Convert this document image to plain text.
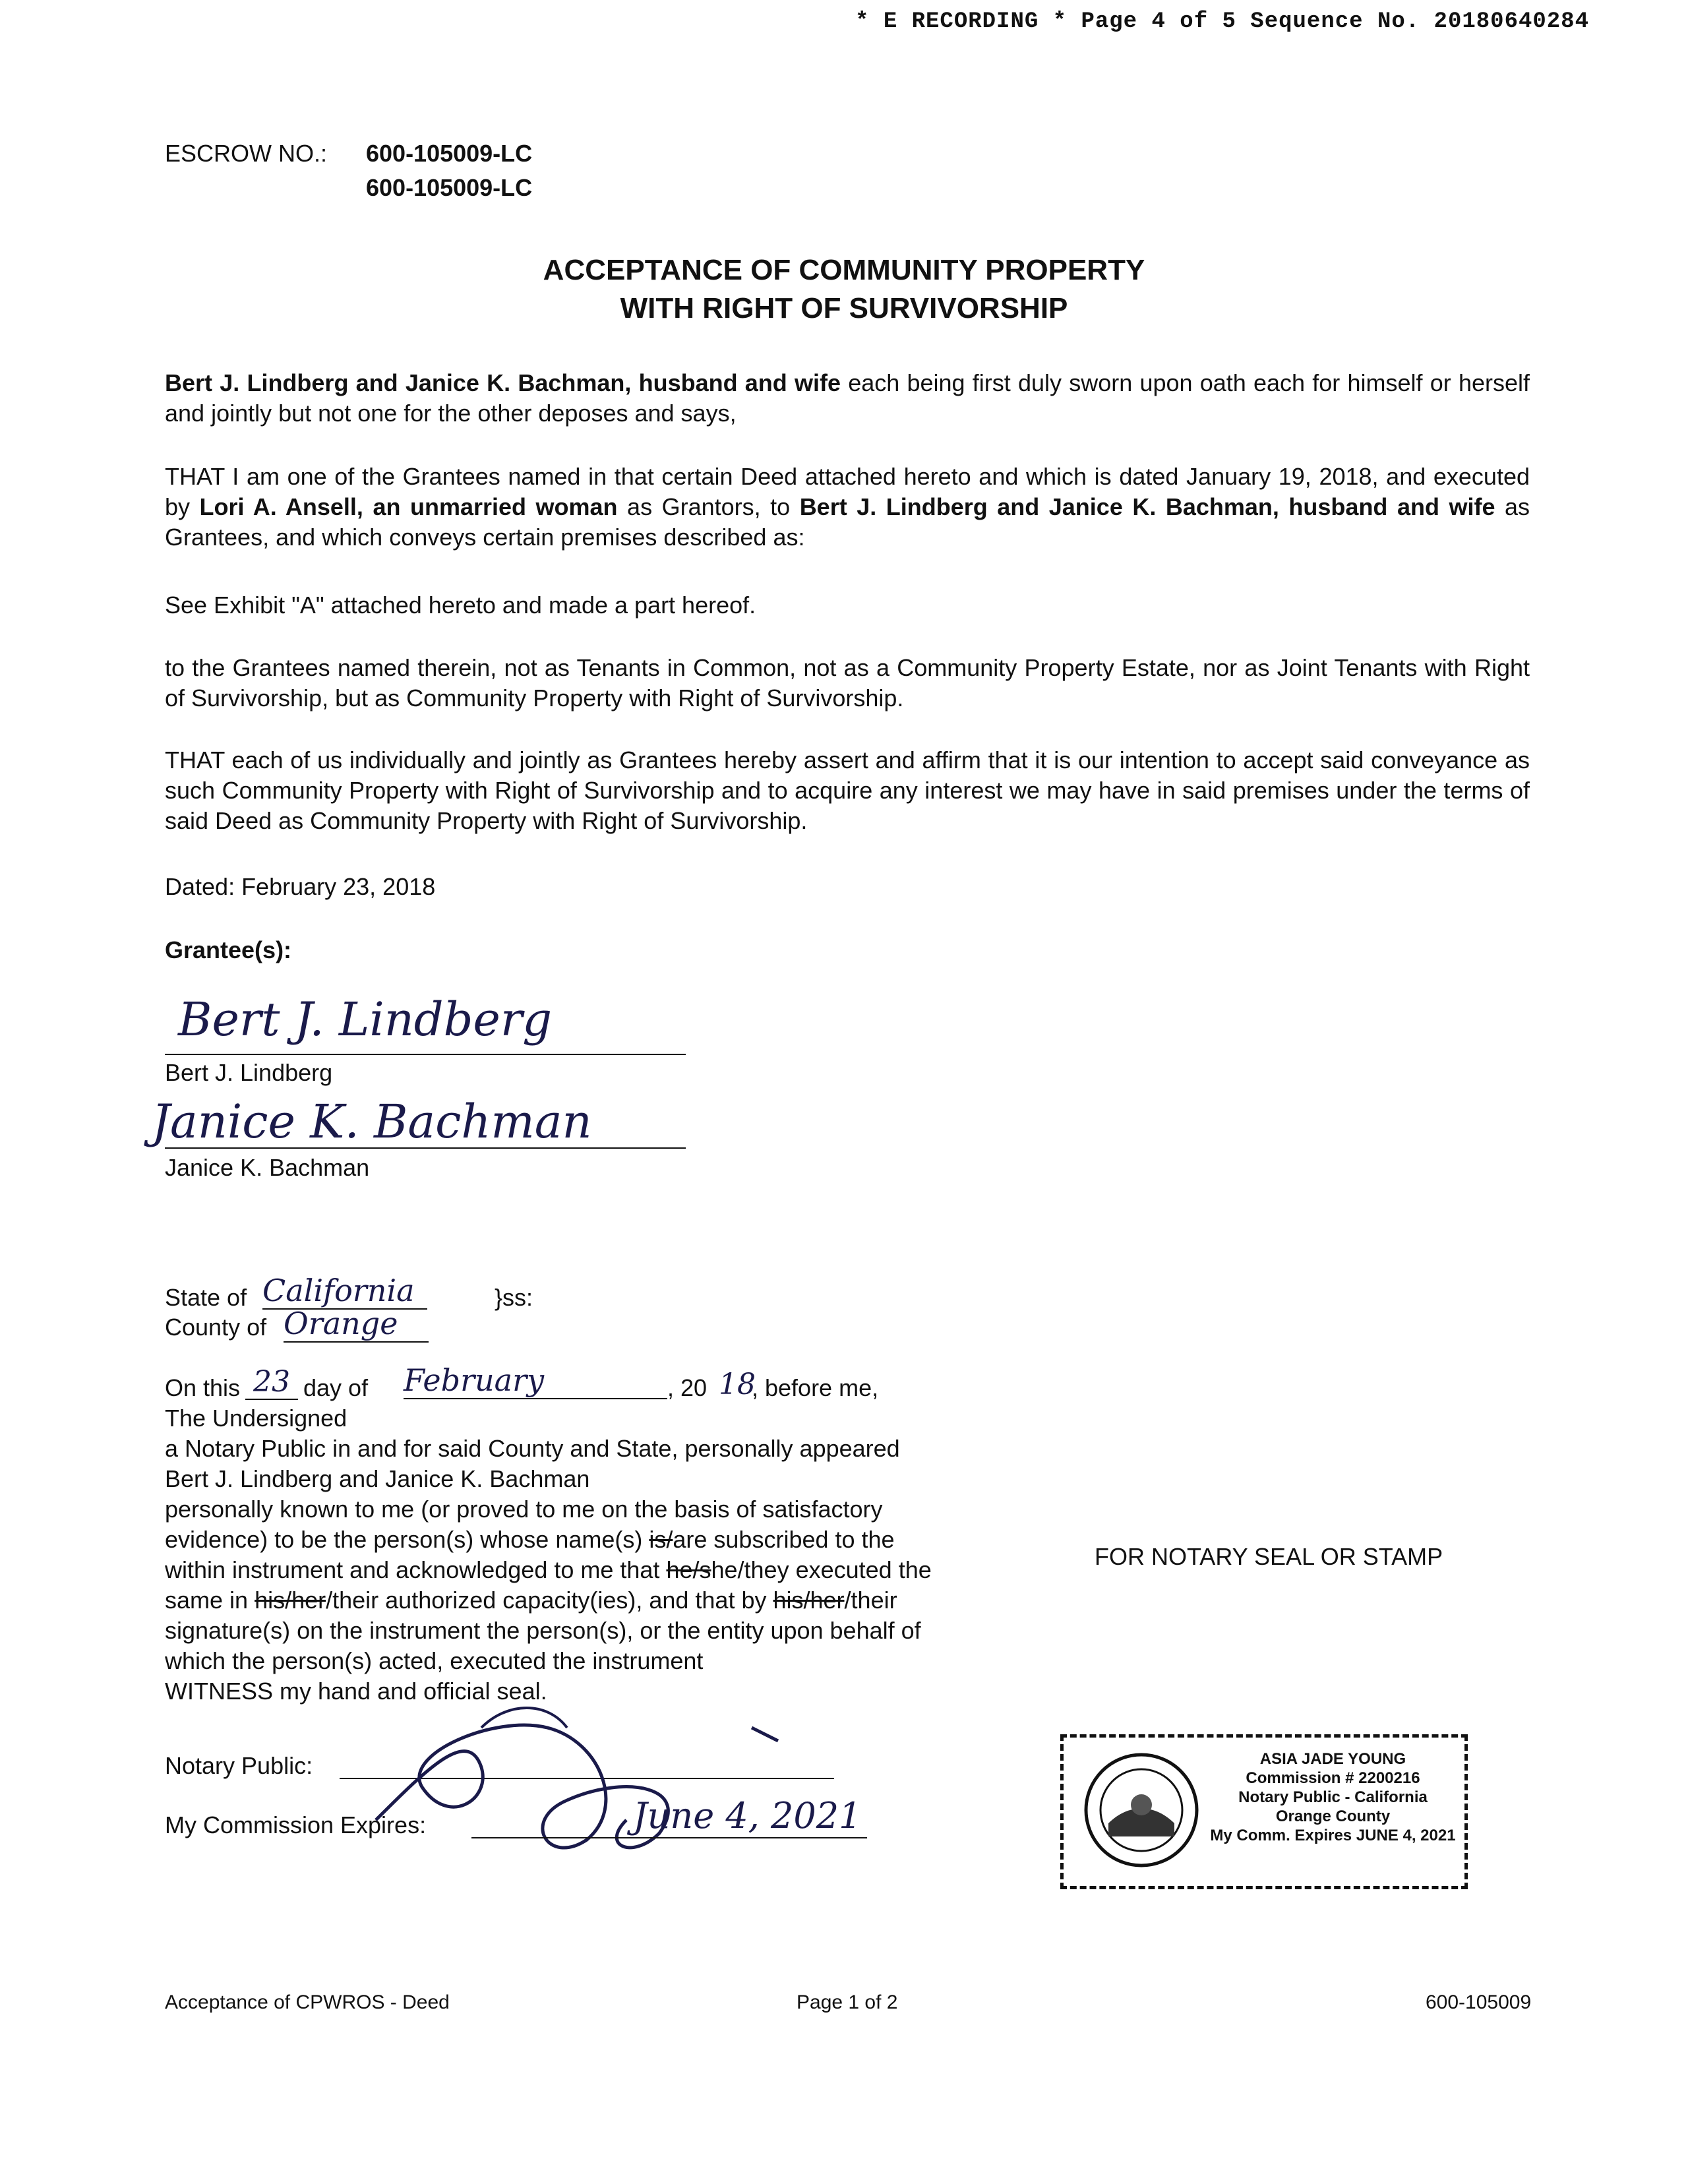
* E RECORDING * Page 4 of 5 Sequence No. 20180640284
ESCROW NO.: 600-105009-LC
600-105009-LC
ACCEPTANCE OF COMMUNITY PROPERTY
WITH RIGHT OF SURVIVORSHIP
Bert J. Lindberg and Janice K. Bachman, husband and wife each being first duly sworn upon oath each for himself or herself and jointly but not one for the other deposes and says,
THAT I am one of the Grantees named in that certain Deed attached hereto and which is dated January 19, 2018, and executed by Lori A. Ansell, an unmarried woman as Grantors, to Bert J. Lindberg and Janice K. Bachman, husband and wife as Grantees, and which conveys certain premises described as:
See Exhibit "A" attached hereto and made a part hereof.
to the Grantees named therein, not as Tenants in Common, not as a Community Property Estate, nor as Joint Tenants with Right of Survivorship, but as Community Property with Right of Survivorship.
THAT each of us individually and jointly as Grantees hereby assert and affirm that it is our intention to accept said conveyance as such Community Property with Right of Survivorship and to acquire any interest we may have in said premises under the terms of said Deed as Community Property with Right of Survivorship.
Dated: February 23, 2018
Grantee(s):
Bert J. Lindberg
Bert J. Lindberg
Janice K. Bachman
Janice K. Bachman
State of California	}ss:
County of Orange
On this 23 day of February	, 20 18
, before me,
The Undersigned
a Notary Public in and for said County and State, personally appeared
Bert J. Lindberg and Janice K. Bachman
personally known to me (or proved to me on the basis of satisfactory
evidence) to be the person(s) whose name(s) is/are subscribed to the
within instrument and acknowledged to me that he/she/they executed the
same in his/her/their authorized capacity(ies), and that by his/her/their
signature(s) on the instrument the person(s), or the entity upon behalf of
which the person(s) acted, executed the instrument
WITNESS my hand and official seal.
Notary Public:
My Commission Expires:	June 4, 2021
FOR NOTARY SEAL OR STAMP
ASIA JADE YOUNG
Commission # 2200216
Notary Public - California
Orange County
My Comm. Expires JUNE 4, 2021
Acceptance of CPWROS - Deed	Page 1 of 2	600-105009
